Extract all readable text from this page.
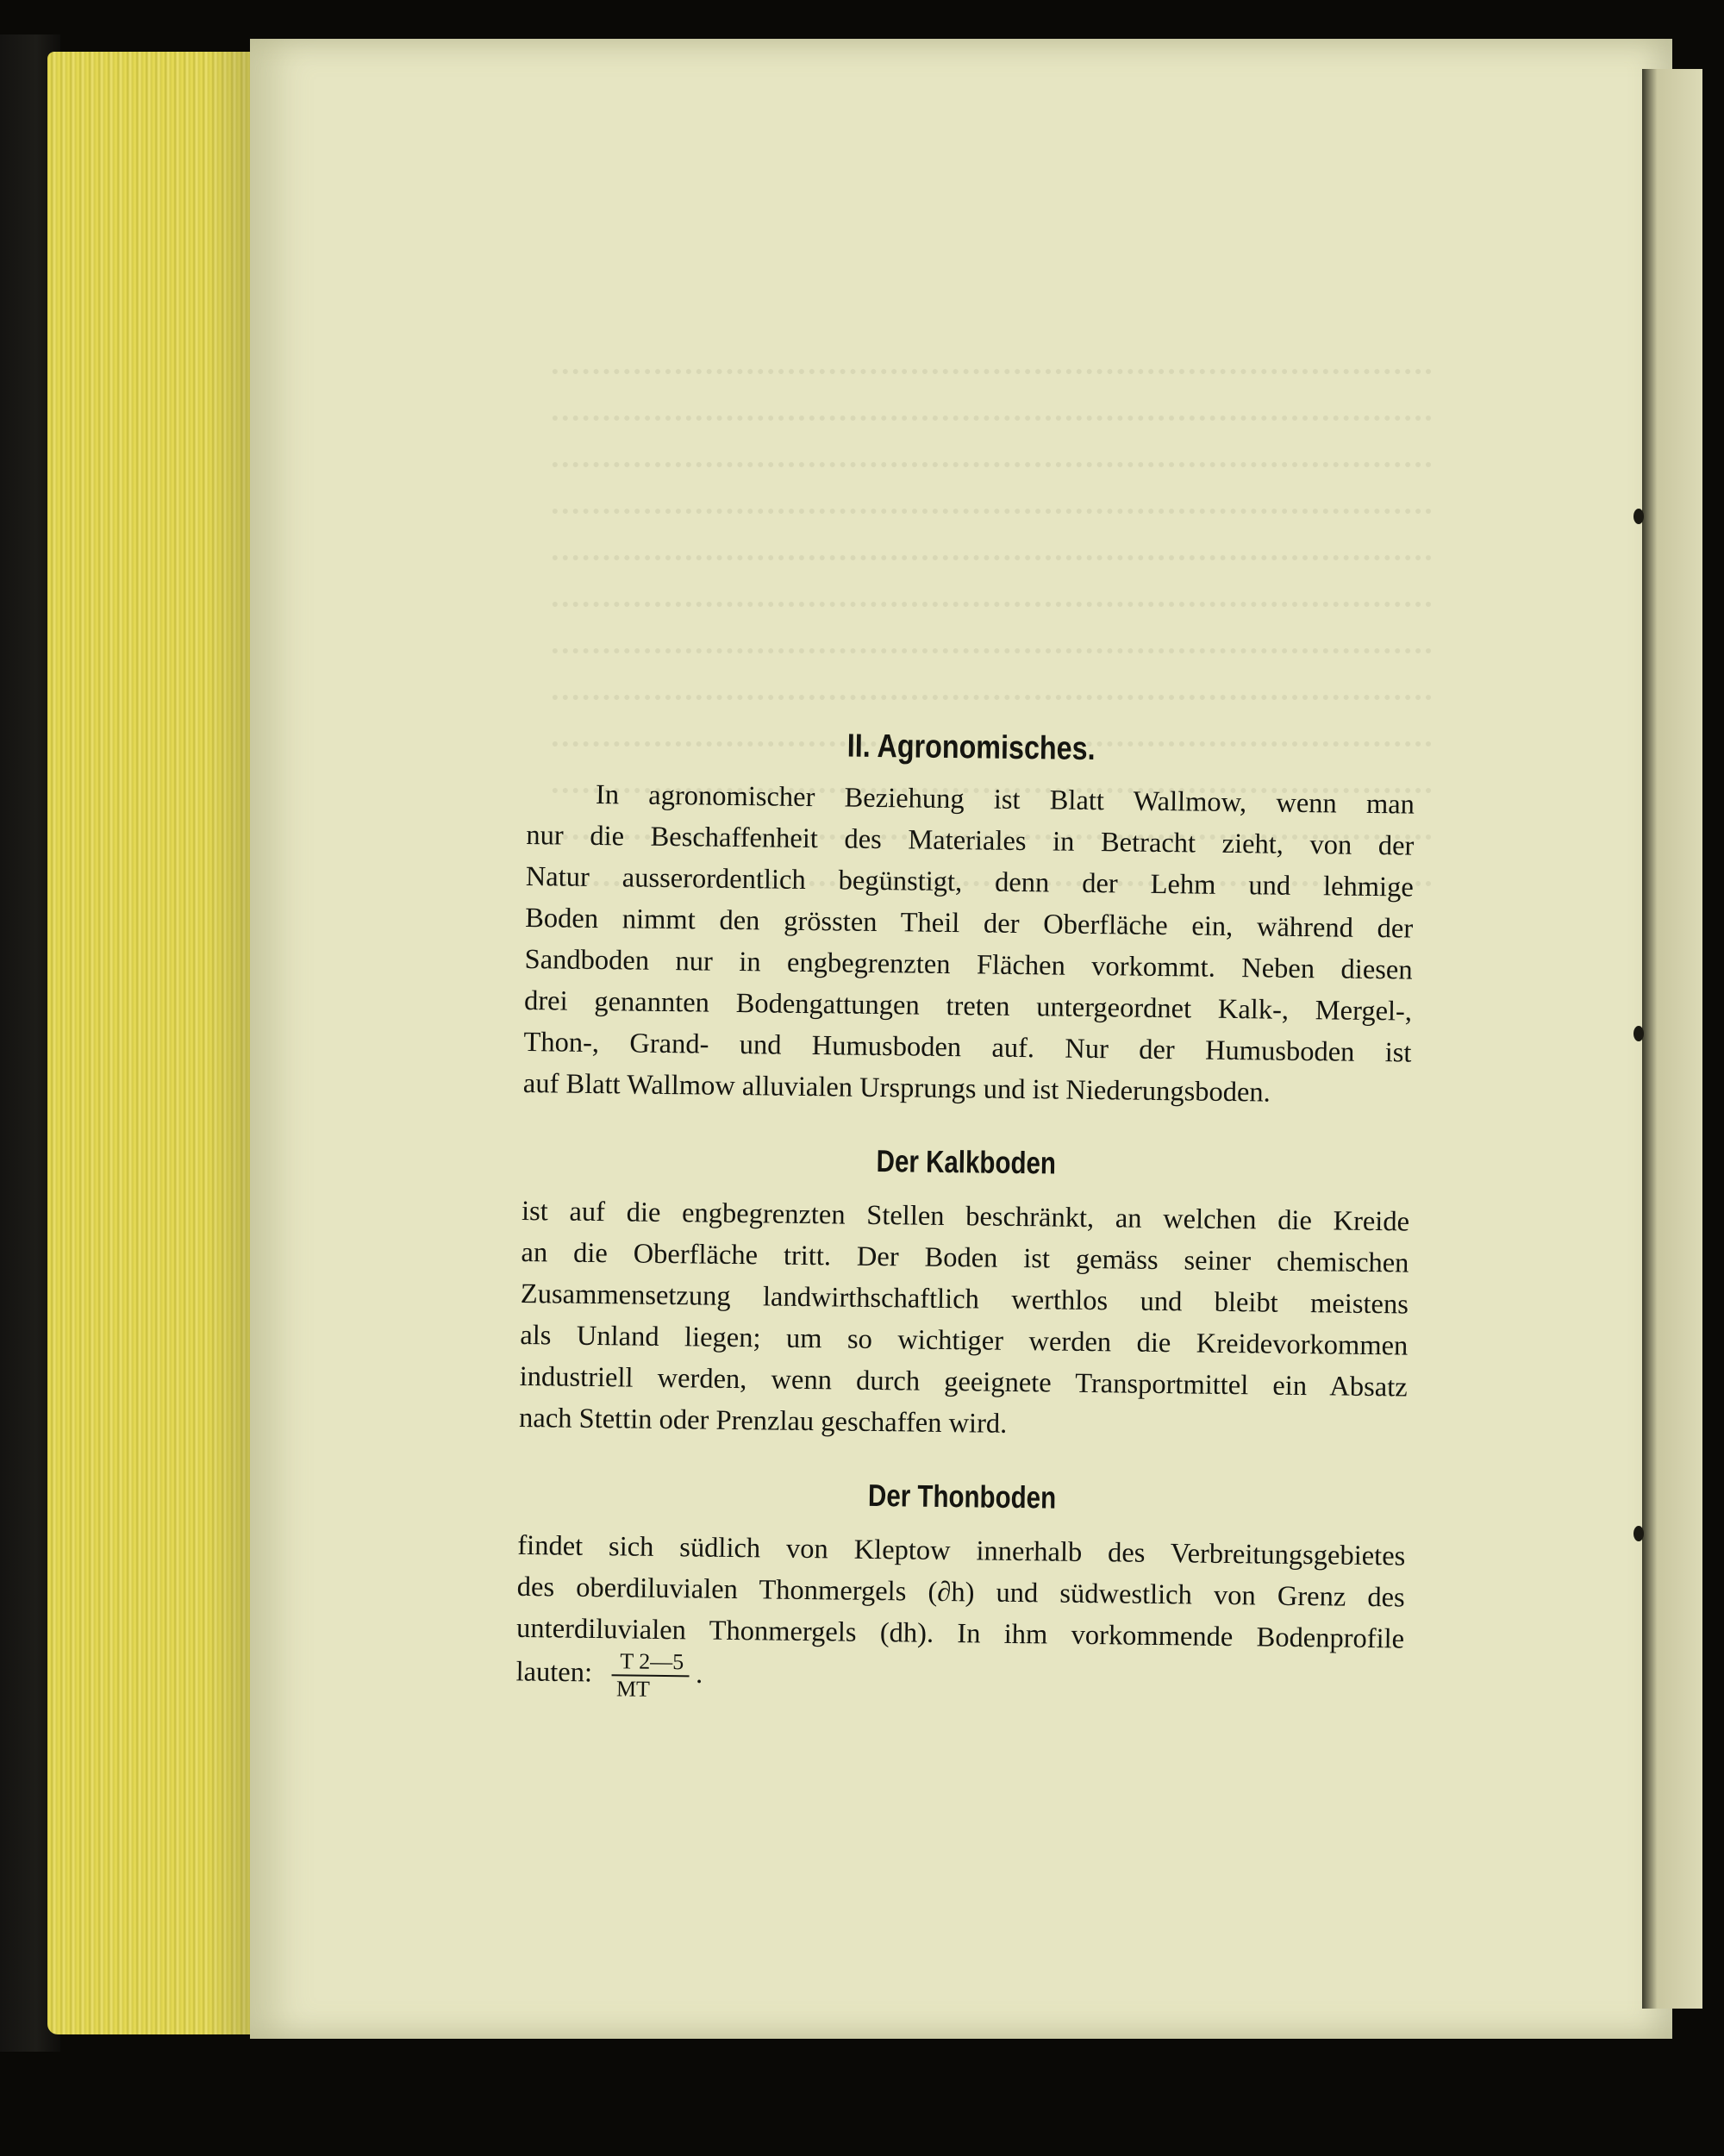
II. Agronomisches.

In agronomischer Beziehung ist Blatt Wallmow, wenn man
nur die Beschaffenheit des Materiales in Betracht zieht, von der
Natur ausserordentlich begünstigt, denn der Lehm und lehmige
Boden nimmt den grössten Theil der Oberfläche ein, während der
Sandboden nur in engbegrenzten Flächen vorkommt. Neben diesen
drei genannten Bodengattungen treten untergeordnet Kalk-, Mergel-,
Thon-, Grand- und Humusboden auf. Nur der Humusboden ist
auf Blatt Wallmow alluvialen Ursprungs und ist Niederungsboden.

Der Kalkboden

ist auf die engbegrenzten Stellen beschränkt, an welchen die Kreide
an die Oberfläche tritt. Der Boden ist gemäss seiner chemischen
Zusammensetzung landwirthschaftlich werthlos und bleibt meistens
als Unland liegen; um so wichtiger werden die Kreidevorkommen
industriell werden, wenn durch geeignete Transportmittel ein Absatz
nach Stettin oder Prenzlau geschaffen wird.

Der Thonboden

findet sich südlich von Kleptow innerhalb des Verbreitungsgebietes
des oberdiluvialen Thonmergels (∂h) und südwestlich von Grenz des
unterdiluvialen Thonmergels (dh). In ihm vorkommende Bodenprofile
lauten: $\frac{T 2—5}{MT}$ .
